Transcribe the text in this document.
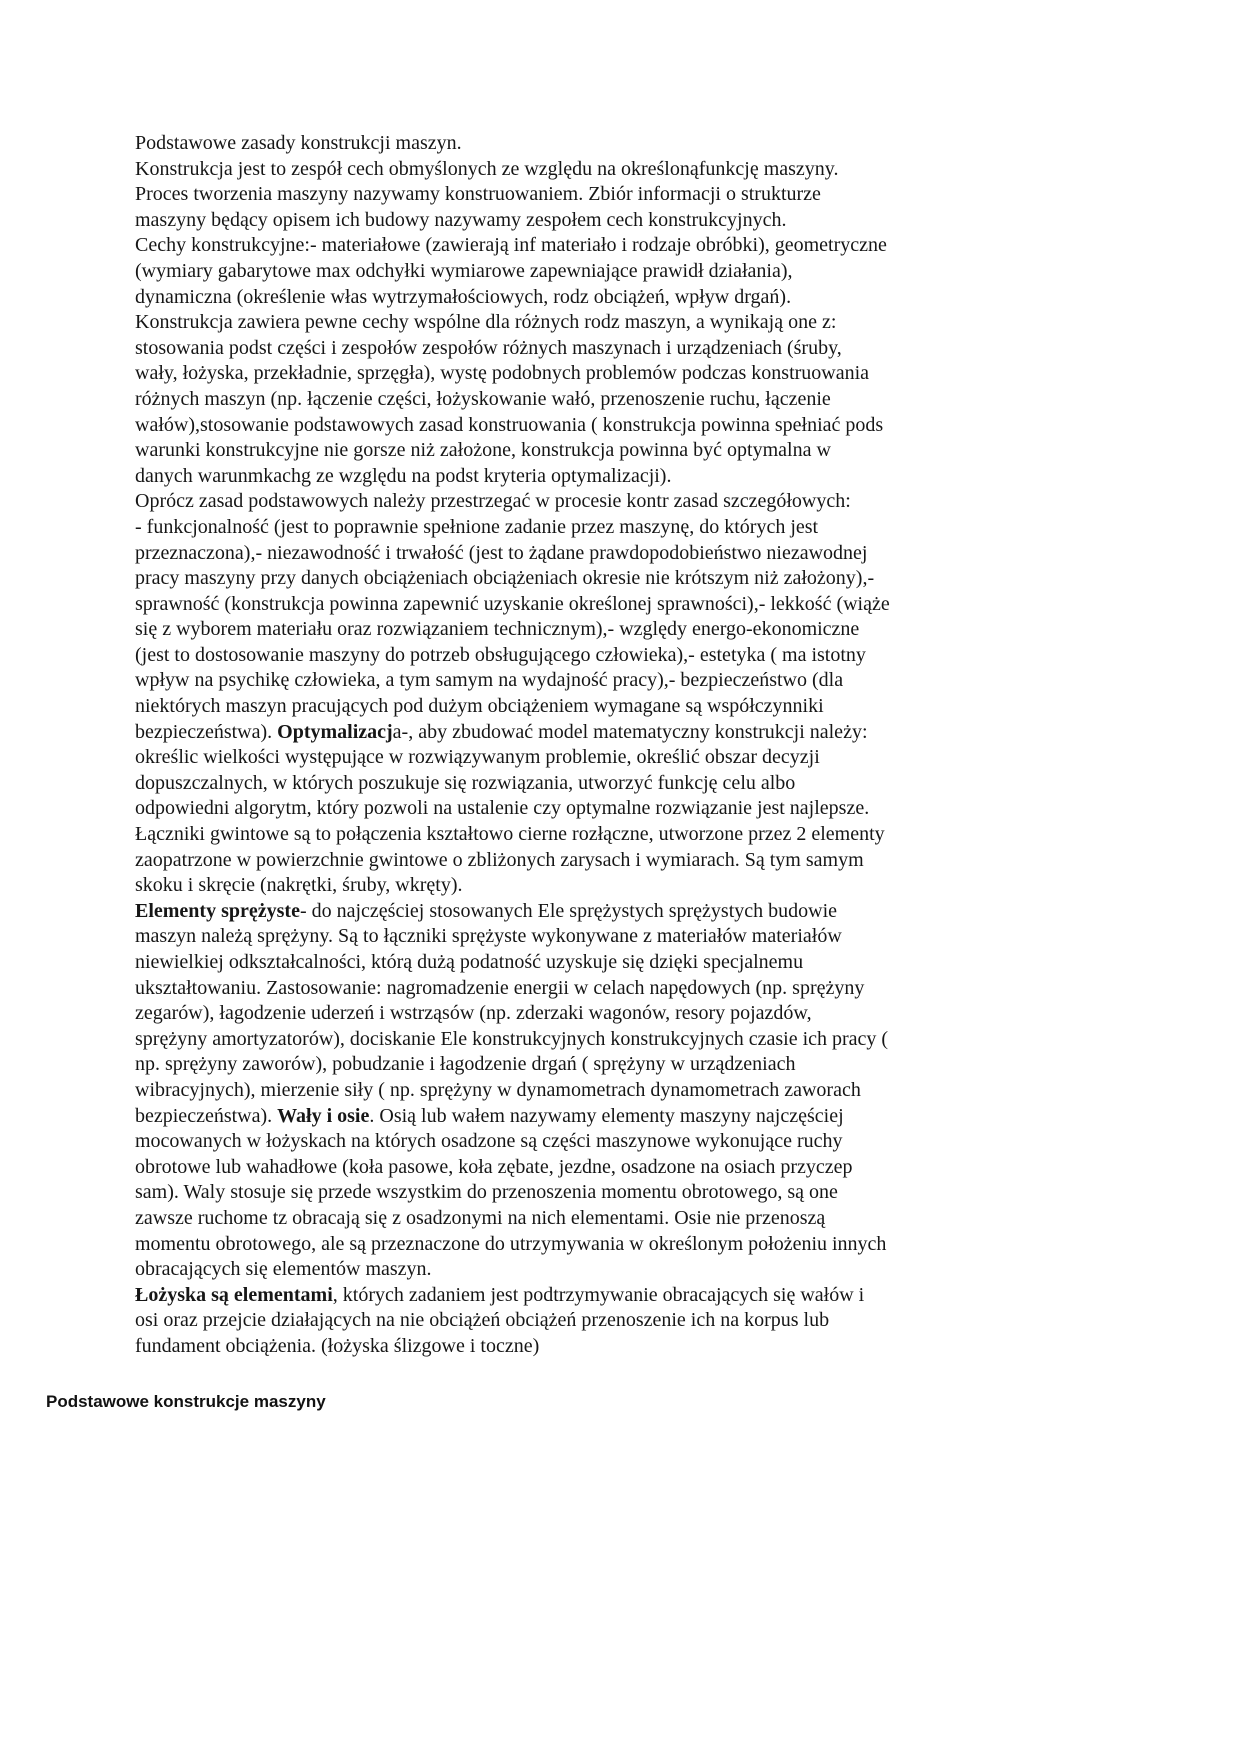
Podstawowe zasady konstrukcji maszyn.
Konstrukcja jest to zespół cech obmyślonych ze względu na określonąfunkcję maszyny.
Proces tworzenia maszyny nazywamy konstruowaniem. Zbiór informacji o strukturze
maszyny będący opisem ich budowy nazywamy zespołem cech konstrukcyjnych.
Cechy konstrukcyjne:- materiałowe (zawierają inf materiało i rodzaje obróbki), geometryczne
(wymiary gabarytowe max odchyłki wymiarowe zapewniające prawidł działania),
dynamiczna (określenie włas wytrzymałościowych, rodz obciążeń, wpływ drgań).
Konstrukcja zawiera pewne cechy wspólne dla różnych rodz maszyn, a wynikają one z:
stosowania podst części i zespołów zespołów różnych maszynach i urządzeniach (śruby,
wały, łożyska, przekładnie, sprzęgła), wystę podobnych problemów podczas konstruowania
różnych maszyn (np. łączenie części, łożyskowanie wałó, przenoszenie ruchu, łączenie
wałów),stosowanie podstawowych zasad konstruowania ( konstrukcja powinna spełniać pods
warunki konstrukcyjne nie gorsze niż założone, konstrukcja powinna być optymalna w
danych warunmkachg ze względu na podst kryteria optymalizacji).
Oprócz zasad podstawowych należy przestrzegać w procesie kontr zasad szczegółowych:
- funkcjonalność (jest to poprawnie spełnione zadanie przez maszynę, do których jest
przeznaczona),- niezawodność i trwałość (jest to żądane prawdopodobieństwo niezawodnej
pracy maszyny przy danych obciążeniach obciążeniach okresie nie krótszym niż założony),-
sprawność (konstrukcja powinna zapewnić uzyskanie określonej sprawności),- lekkość (wiąże
się z wyborem materiału oraz rozwiązaniem technicznym),- względy energo-ekonomiczne
(jest to dostosowanie maszyny do potrzeb obsługującego człowieka),- estetyka ( ma istotny
wpływ na psychikę człowieka, a tym samym na wydajność pracy),- bezpieczeństwo (dla
niektórych maszyn pracujących pod dużym obciążeniem wymagane są współczynniki
bezpieczeństwa). Optymalizacja-, aby zbudować model matematyczny konstrukcji należy:
określic wielkości występujące w rozwiązywanym problemie, określić obszar decyzji
dopuszczalnych, w których poszukuje się rozwiązania, utworzyć funkcję celu albo
odpowiedni algorytm, który pozwoli na ustalenie czy optymalne rozwiązanie jest najlepsze.
Łączniki gwintowe są to połączenia kształtowo cierne rozłączne, utworzone przez 2 elementy
zaopatrzone w powierzchnie gwintowe o zbliżonych zarysach i wymiarach. Są tym samym
skoku i skręcie (nakrętki, śruby, wkręty).
Elementy sprężyste- do najczęściej stosowanych Ele sprężystych sprężystych budowie
maszyn należą sprężyny. Są to łączniki sprężyste wykonywane z materiałów materiałów
niewielkiej odkształcalności, którą dużą podatność uzyskuje się dzięki specjalnemu
ukształtowaniu. Zastosowanie: nagromadzenie energii w celach napędowych (np. sprężyny
zegarów), łagodzenie uderzeń i wstrząsów (np. zderzaki wagonów, resory pojazdów,
sprężyny amortyzatorów), dociskanie Ele konstrukcyjnych konstrukcyjnych czasie ich pracy (
np. sprężyny zaworów), pobudzanie i łagodzenie drgań ( sprężyny w urządzeniach
wibracyjnych), mierzenie siły ( np. sprężyny w dynamometrach dynamometrach zaworach
bezpieczeństwa). Wały i osie. Osią lub wałem nazywamy elementy maszyny najczęściej
mocowanych w łożyskach na których osadzone są części maszynowe wykonujące ruchy
obrotowe lub wahadłowe (koła pasowe, koła zębate, jezdne, osadzone na osiach przyczep
sam). Waly stosuje się przede wszystkim do przenoszenia momentu obrotowego, są one
zawsze ruchome tz obracają się z osadzonymi na nich elementami. Osie nie przenoszą
momentu obrotowego, ale są przeznaczone do utrzymywania w określonym położeniu innych
obracających się elementów maszyn.
Łożyska są elementami, których zadaniem jest podtrzymywanie obracających się wałów i
osi oraz przejcie działających na nie obciążeń obciążeń przenoszenie ich na korpus lub
fundament obciążenia. (łożyska ślizgowe i toczne)
Podstawowe konstrukcje maszyny
